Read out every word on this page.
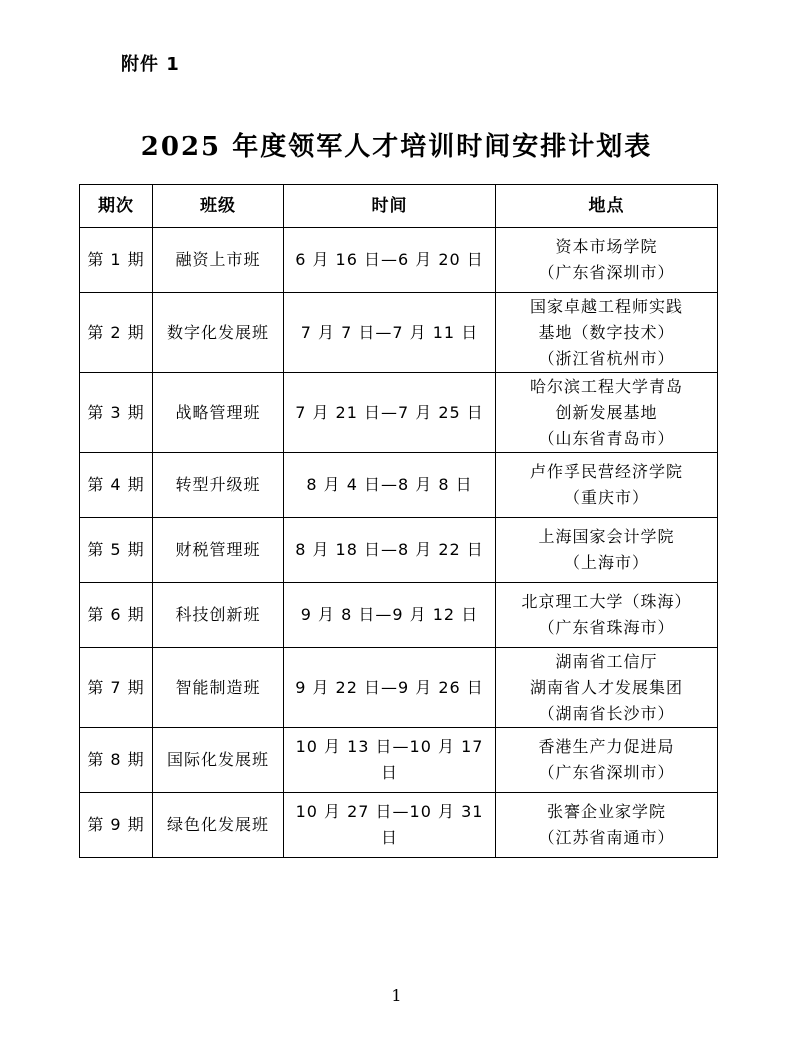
附件 1
2025 年度领军人才培训时间安排计划表
期次	班级	时间	地点
第 1 期	融资上市班	6 月 16 日—6 月 20 日	资本市场学院
（广东省深圳市）

第 2 期	数字化发展班	7 月 7 日—7 月 11 日	国家卓越工程师实践
基地（数字技术）
（浙江省杭州市）

第 3 期	战略管理班	7 月 21 日—7 月 25 日	哈尔滨工程大学青岛
创新发展基地
（山东省青岛市）

第 4 期	转型升级班	8 月 4 日—8 月 8 日	卢作孚民营经济学院
（重庆市）

第 5 期	财税管理班	8 月 18 日—8 月 22 日	上海国家会计学院
（上海市）

第 6 期	科技创新班	9 月 8 日—9 月 12 日	北京理工大学（珠海）
（广东省珠海市）

第 7 期	智能制造班	9 月 22 日—9 月 26 日	湖南省工信厅
湖南省人才发展集团
（湖南省长沙市）

第 8 期	国际化发展班	10 月 13 日—10 月 17 日	香港生产力促进局
（广东省深圳市）

第 9 期	绿色化发展班	10 月 27 日—10 月 31 日	张謇企业家学院
（江苏省南通市）
1
